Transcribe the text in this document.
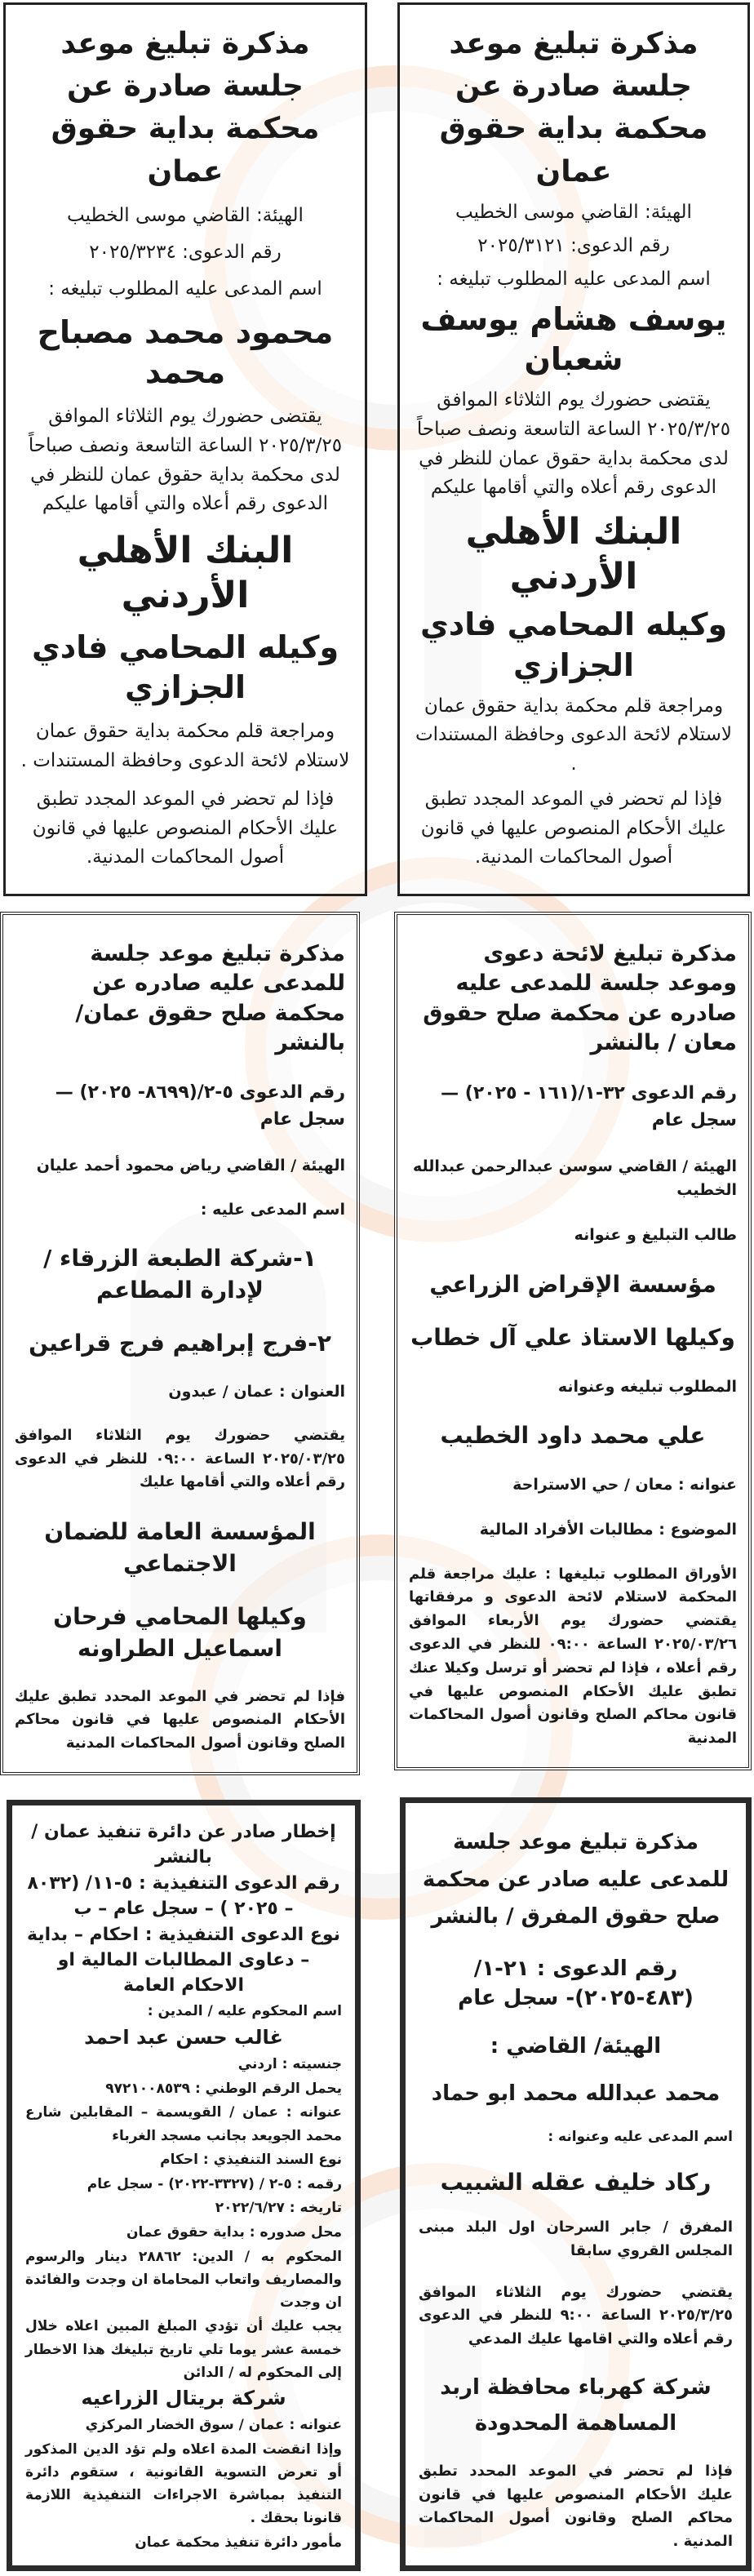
مذكرة تبليغ موعد جلسة صادرة عن محكمة بداية حقوق عمان
الهيئة: القاضي موسى الخطيب
رقم الدعوى: ٢٠٢٥/٣١٢١
اسم المدعى عليه المطلوب تبليغه :
يوسف هشام يوسف شعبان
يقتضى حضورك يوم الثلاثاء الموافق ٢٠٢٥/٣/٢٥ الساعة التاسعة ونصف صباحاً لدى محكمة بداية حقوق عمان للنظر في الدعوى رقم أعلاه والتي أقامها عليكم
البنك الأهلي الأردني
وكيله المحامي فادي الجزازي
ومراجعة قلم محكمة بداية حقوق عمان لاستلام لائحة الدعوى وحافظة المستندات .
فإذا لم تحضر في الموعد المجدد تطبق عليك الأحكام المنصوص عليها في قانون أصول المحاكمات المدنية.
مذكرة تبليغ موعد جلسة صادرة عن محكمة بداية حقوق عمان
الهيئة: القاضي موسى الخطيب
رقم الدعوى: ٢٠٢٥/٣٢٣٤
اسم المدعى عليه المطلوب تبليغه :
محمود محمد مصباح محمد
يقتضى حضورك يوم الثلاثاء الموافق ٢٠٢٥/٣/٢٥ الساعة التاسعة ونصف صباحاً لدى محكمة بداية حقوق عمان للنظر في الدعوى رقم أعلاه والتي أقامها عليكم
البنك الأهلي الأردني
وكيله المحامي فادي الجزازي
ومراجعة قلم محكمة بداية حقوق عمان لاستلام لائحة الدعوى وحافظة المستندات .
فإذا لم تحضر في الموعد المجدد تطبق عليك الأحكام المنصوص عليها في قانون أصول المحاكمات المدنية.
مذكرة تبليغ لائحة دعوى وموعد جلسة للمدعى عليه صادره عن محكمة صلح حقوق معان / بالنشر
رقم الدعوى ٣٢-١/(١٦١ - ٢٠٢٥) — سجل عام
الهيئة / القاضي سوسن عبدالرحمن عبدالله الخطيب
طالب التبليغ و عنوانه
مؤسسة الإقراض الزراعي
وكيلها الاستاذ علي آل خطاب
المطلوب تبليغه وعنوانه
علي محمد داود الخطيب
عنوانه : معان / حي الاستراحة
الموضوع : مطالبات الأفراد المالية
الأوراق المطلوب تبليغها : عليك مراجعة قلم المحكمة لاستلام لائحة الدعوى و مرفقاتها يقتضي حضورك يوم الأربعاء الموافق ٢٠٢٥/٠٣/٢٦ الساعة ٠٩:٠٠ للنظر في الدعوى رقم أعلاه ، فإذا لم تحضر أو ترسل وكيلا عنك تطبق عليك الأحكام المنصوص عليها في قانون محاكم الصلح وقانون أصول المحاكمات المدنية
مذكرة تبليغ موعد جلسة للمدعى عليه صادره عن محكمة صلح حقوق عمان/بالنشر
رقم الدعوى ٥-٢/(٨٦٩٩- ٢٠٢٥) — سجل عام
الهيئة / القاضي رياض محمود أحمد عليان
اسم المدعى عليه :
١-شركة الطبعة الزرقاء / لإدارة المطاعم
٢-فرج إبراهيم فرج قراعين
العنوان : عمان / عبدون
يقتضي حضورك يوم الثلاثاء الموافق ٢٠٢٥/٠٣/٢٥ الساعة ٠٩:٠٠ للنظر في الدعوى رقم أعلاه والتي أقامها عليك
المؤسسة العامة للضمان الاجتماعي
وكيلها المحامي فرحان اسماعيل الطراونه
فإذا لم تحضر في الموعد المحدد تطبق عليك الأحكام المنصوص عليها في قانون محاكم الصلح وقانون أصول المحاكمات المدنية
مذكرة تبليغ موعد جلسة للمدعى عليه صادر عن محكمة صلح حقوق المفرق / بالنشر
رقم الدعوى : ٢١-١/ (٤٨٣-٢٠٢٥)- سجل عام
الهيئة/ القاضي :
محمد عبدالله محمد ابو حماد
اسم المدعى عليه وعنوانه :
ركاد خليف عقله الشبيب
المفرق / جابر السرحان اول البلد مبنى المجلس القروي سابقا
يقتضي حضورك يوم الثلاثاء الموافق ٢٠٢٥/٣/٢٥ الساعة ٩:٠٠ للنظر في الدعوى رقم أعلاه والتي اقامها عليك المدعي
شركة كهرباء محافظة اربد المساهمة المحدودة
فإذا لم تحضر في الموعد المحدد تطبق عليك الأحكام المنصوص عليها في قانون محاكم الصلح وقانون أصول المحاكمات المدنية .
إخطار صادر عن دائرة تنفيذ عمان / بالنشر
رقم الدعوى التنفيذية : ٥-١١/ (٨٠٣٢ – ٢٠٢٥ ) – سجل عام – ب
نوع الدعوى التنفيذية : احكام – بداية – دعاوى المطالبات المالية او الاحكام العامة
اسم المحكوم عليه / المدين :
غالب حسن عبد احمد
جنسيته : اردني
يحمل الرقم الوطني : ٩٧٢١٠٠٨٥٣٩
عنوانه : عمان / القويسمة – المقابلين شارع محمد الجويعد بجانب مسجد الغرباء
نوع السند التنفيذي : احكام
رقمه : ٥-٢ / (٣٣٢٧-٢٠٢٢) - سجل عام
تاريخه : ٢٠٢٢/٦/٢٧
محل صدوره : بداية حقوق عمان
المحكوم به / الدين: ٢٨٨٦٢ دينار والرسوم والمصاريف واتعاب المحاماة ان وجدت والفائدة ان وجدت
يجب عليك أن تؤدي المبلغ المبين اعلاه خلال خمسة عشر يوما تلي تاريخ تبليغك هذا الاخطار إلى المحكوم له / الدائن
شركة بريتال الزراعيه
عنوانه : عمان / سوق الخضار المركزي
وإذا انقضت المدة اعلاه ولم تؤد الدين المذكور أو تعرض التسوية القانونية ، ستقوم دائرة التنفيذ بمباشرة الاجراءات التنفيذية اللازمة قانونا بحقك .
مأمور دائرة تنفيذ محكمة عمان
